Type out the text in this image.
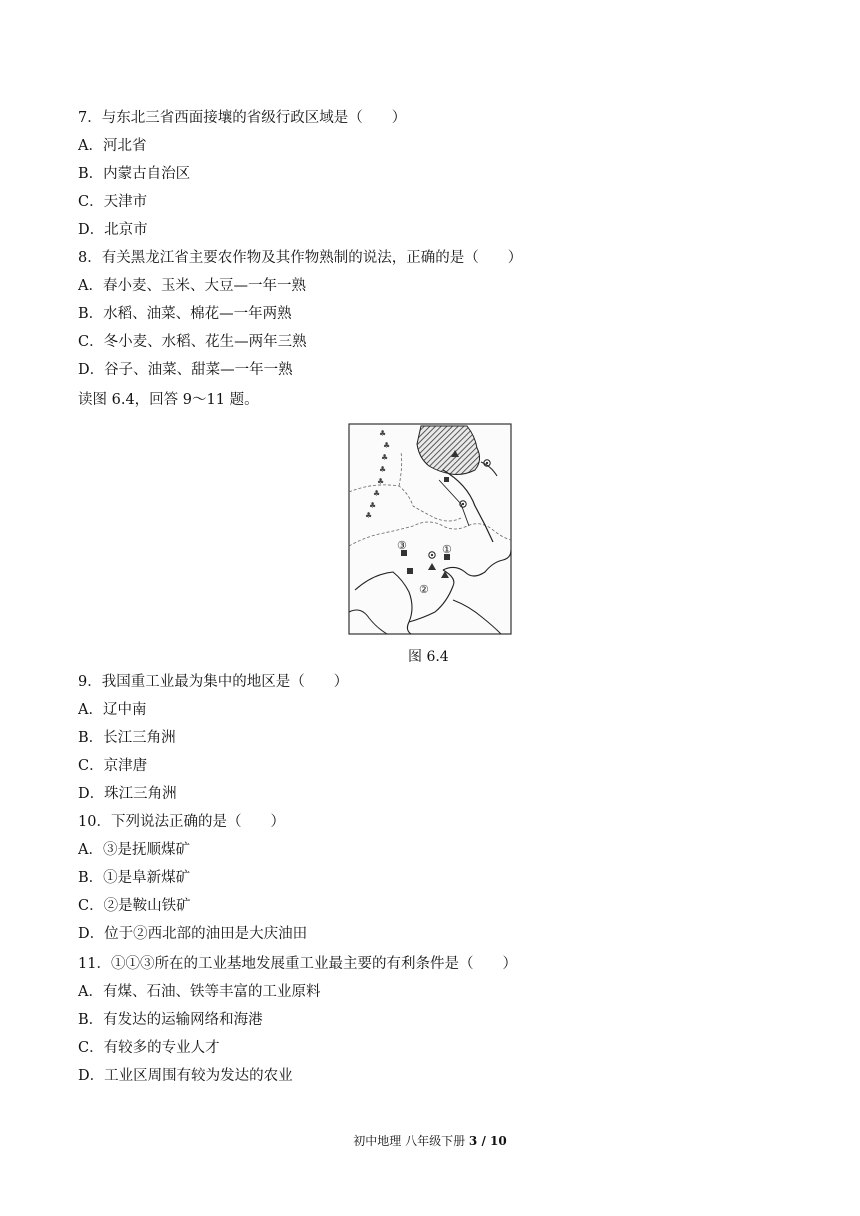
7．与东北三省西面接壤的省级行政区域是（　　）
A．河北省
B．内蒙古自治区
C．天津市
D．北京市
8．有关黑龙江省主要农作物及其作物熟制的说法，正确的是（　　）
A．春小麦、玉米、大豆—一年一熟
B．水稻、油菜、棉花—一年两熟
C．冬小麦、水稻、花生—两年三熟
D．谷子、油菜、甜菜—一年一熟
读图 6.4，回答 9～11 题。
♣
♣
♣
♣
♣
♣
♣
♣
③	①
②
图 6.4
9．我国重工业最为集中的地区是（　　）
A．辽中南
B．长江三角洲
C．京津唐
D．珠江三角洲
10．下列说法正确的是（　　）
A．③是抚顺煤矿
B．①是阜新煤矿
C．②是鞍山铁矿
D．位于②西北部的油田是大庆油田
11．①①③所在的工业基地发展重工业最主要的有利条件是（　　）
A．有煤、石油、铁等丰富的工业原料
B．有发达的运输网络和海港
C．有较多的专业人才
D．工业区周围有较为发达的农业
初中地理 八年级下册 3 / 10
